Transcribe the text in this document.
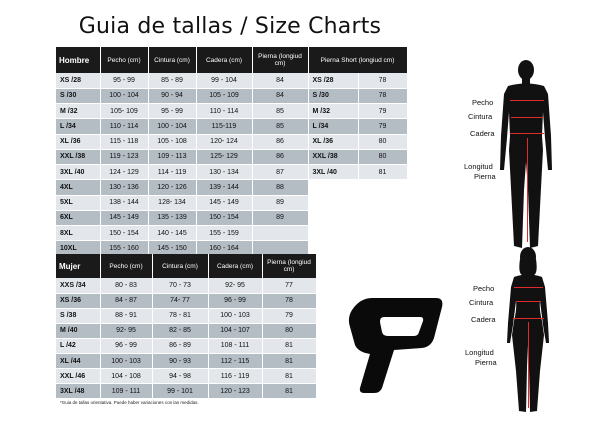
Guia de tallas / Size Charts
Hombre	Pecho (cm)	Cintura (cm)	Cadera (cm)	Pierna (longiud cm)	Pierna Short (longiud cm)	
XS /28	95 - 99	85 - 89	99 - 104	84	XS /28	78
S /30	100 - 104	90 - 94	105 - 109	84	S /30	78
M /32	105- 109	95 - 99	110 - 114	85	M /32	79
L /34	110 - 114	100 - 104	115-119	85	L /34	79
XL /36	115 - 118	105 - 108	120- 124	86	XL /36	80
XXL /38	119 - 123	109 - 113	125- 129	86	XXL /38	80
3XL /40	124 - 129	114 - 119	130 - 134	87	3XL /40	81
4XL	130 - 136	120 - 126	139 - 144	88		
5XL	138 - 144	128- 134	145 - 149	89		
6XL	145 - 149	135 - 139	150 - 154	89		
8XL	150 - 154	140 - 145	155 - 159			
10XL	155 - 160	145 - 150	160 - 164			
Mujer	Pecho (cm)	Cintura (cm)	Cadera (cm)	Pierna (longiud cm)
XXS /34	80 - 83	70 - 73	92- 95	77
XS /36	84 - 87	74- 77	96 - 99	78
S /38	88 - 91	78 - 81	100 - 103	79
M /40	92- 95	82 - 85	104 - 107	80
L /42	96 - 99	86 - 89	108 - 111	81
XL /44	100 - 103	90 - 93	112 - 115	81
XXL /46	104 - 108	94 - 98	116 - 119	81
3XL /48	109 - 111	99 - 101	120 - 123	81
*Guia de tallas orientativa. Puede haber variaciones con las medidas.
Pecho
Cintura
Cadera
Longitud
Pierna
Pecho
Cintura
Cadera
Longitud
Pierna
